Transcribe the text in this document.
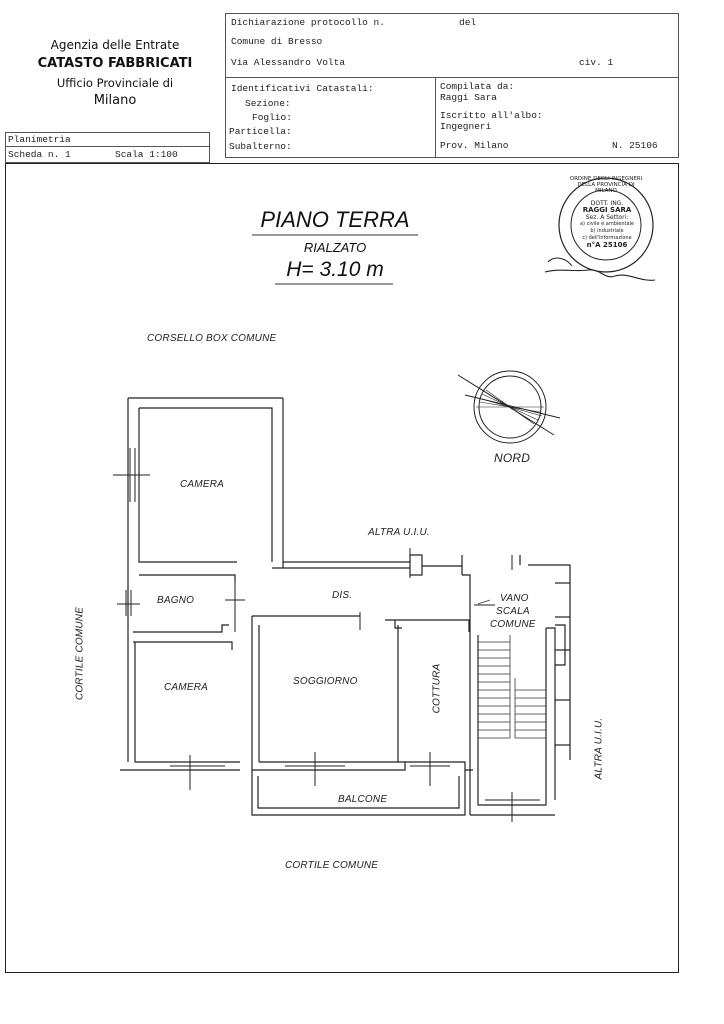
Agenzia delle Entrate
CATASTO FABBRICATI
Ufficio Provinciale di
Milano
Planimetria
Scheda n. 1	Scala 1:100
Dichiarazione protocollo n.	del
Comune di Bresso
Via Alessandro Volta	civ. 1
Identificativi Catastali:
Sezione:
Foglio:
Particella:
Subalterno:
Compilata da:
Raggi Sara
Iscritto all'albo:
Ingegneri
Prov. Milano	N. 25106
PIANO TERRA
RIALZATO
H= 3.10 m
DOTT. ING.
RAGGI SARA
Sez. A Settori:
a) civile e ambientale
b) industriale
c) dell'informazione
n°A 25106
ORDINE DEGLI INGEGNERI DELLA PROVINCIA DI MILANO
CORSELLO BOX COMUNE
NORD
CAMERA
ALTRA U.I.U.
BAGNO	DIS.	VANO
SCALA
COMUNE
CORTILE COMUNE	CAMERA
SOGGIORNO	COTTURA
ALTRA U.I.U.
BALCONE
CORTILE COMUNE
